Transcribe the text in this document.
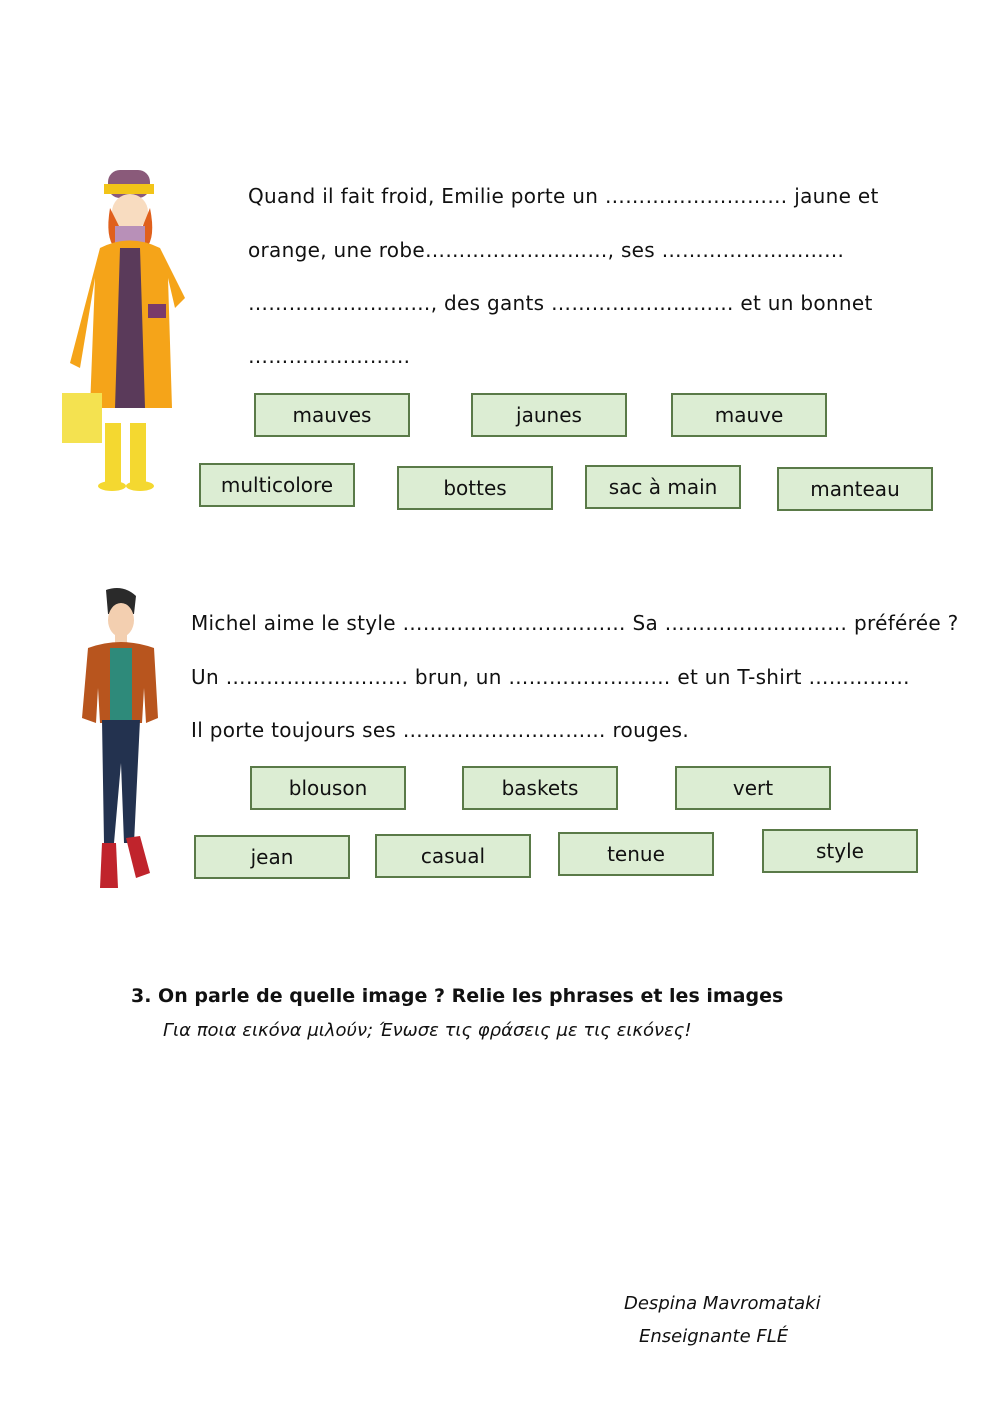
Quand il fait froid, Emilie porte un ……………………… jaune et
orange, une robe………………………, ses ………………………
………………………, des gants ……………………… et un bonnet
……………………
mauves	jaunes	mauve
multicolore	bottes	sac à main	manteau
Michel aime le style …………………………… Sa ……………………… préférée ?
Un ……………………… brun, un …………………… et un T-shirt ……………
Il porte toujours ses ………………………… rouges.
blouson	baskets	vert
jean	casual	tenue	style
3. On parle de quelle image ? Relie les phrases et les images
Για ποια εικόνα μιλούν; Ένωσε τις φράσεις με τις εικόνες!
Despina Mavromataki
Enseignante FLÉ
